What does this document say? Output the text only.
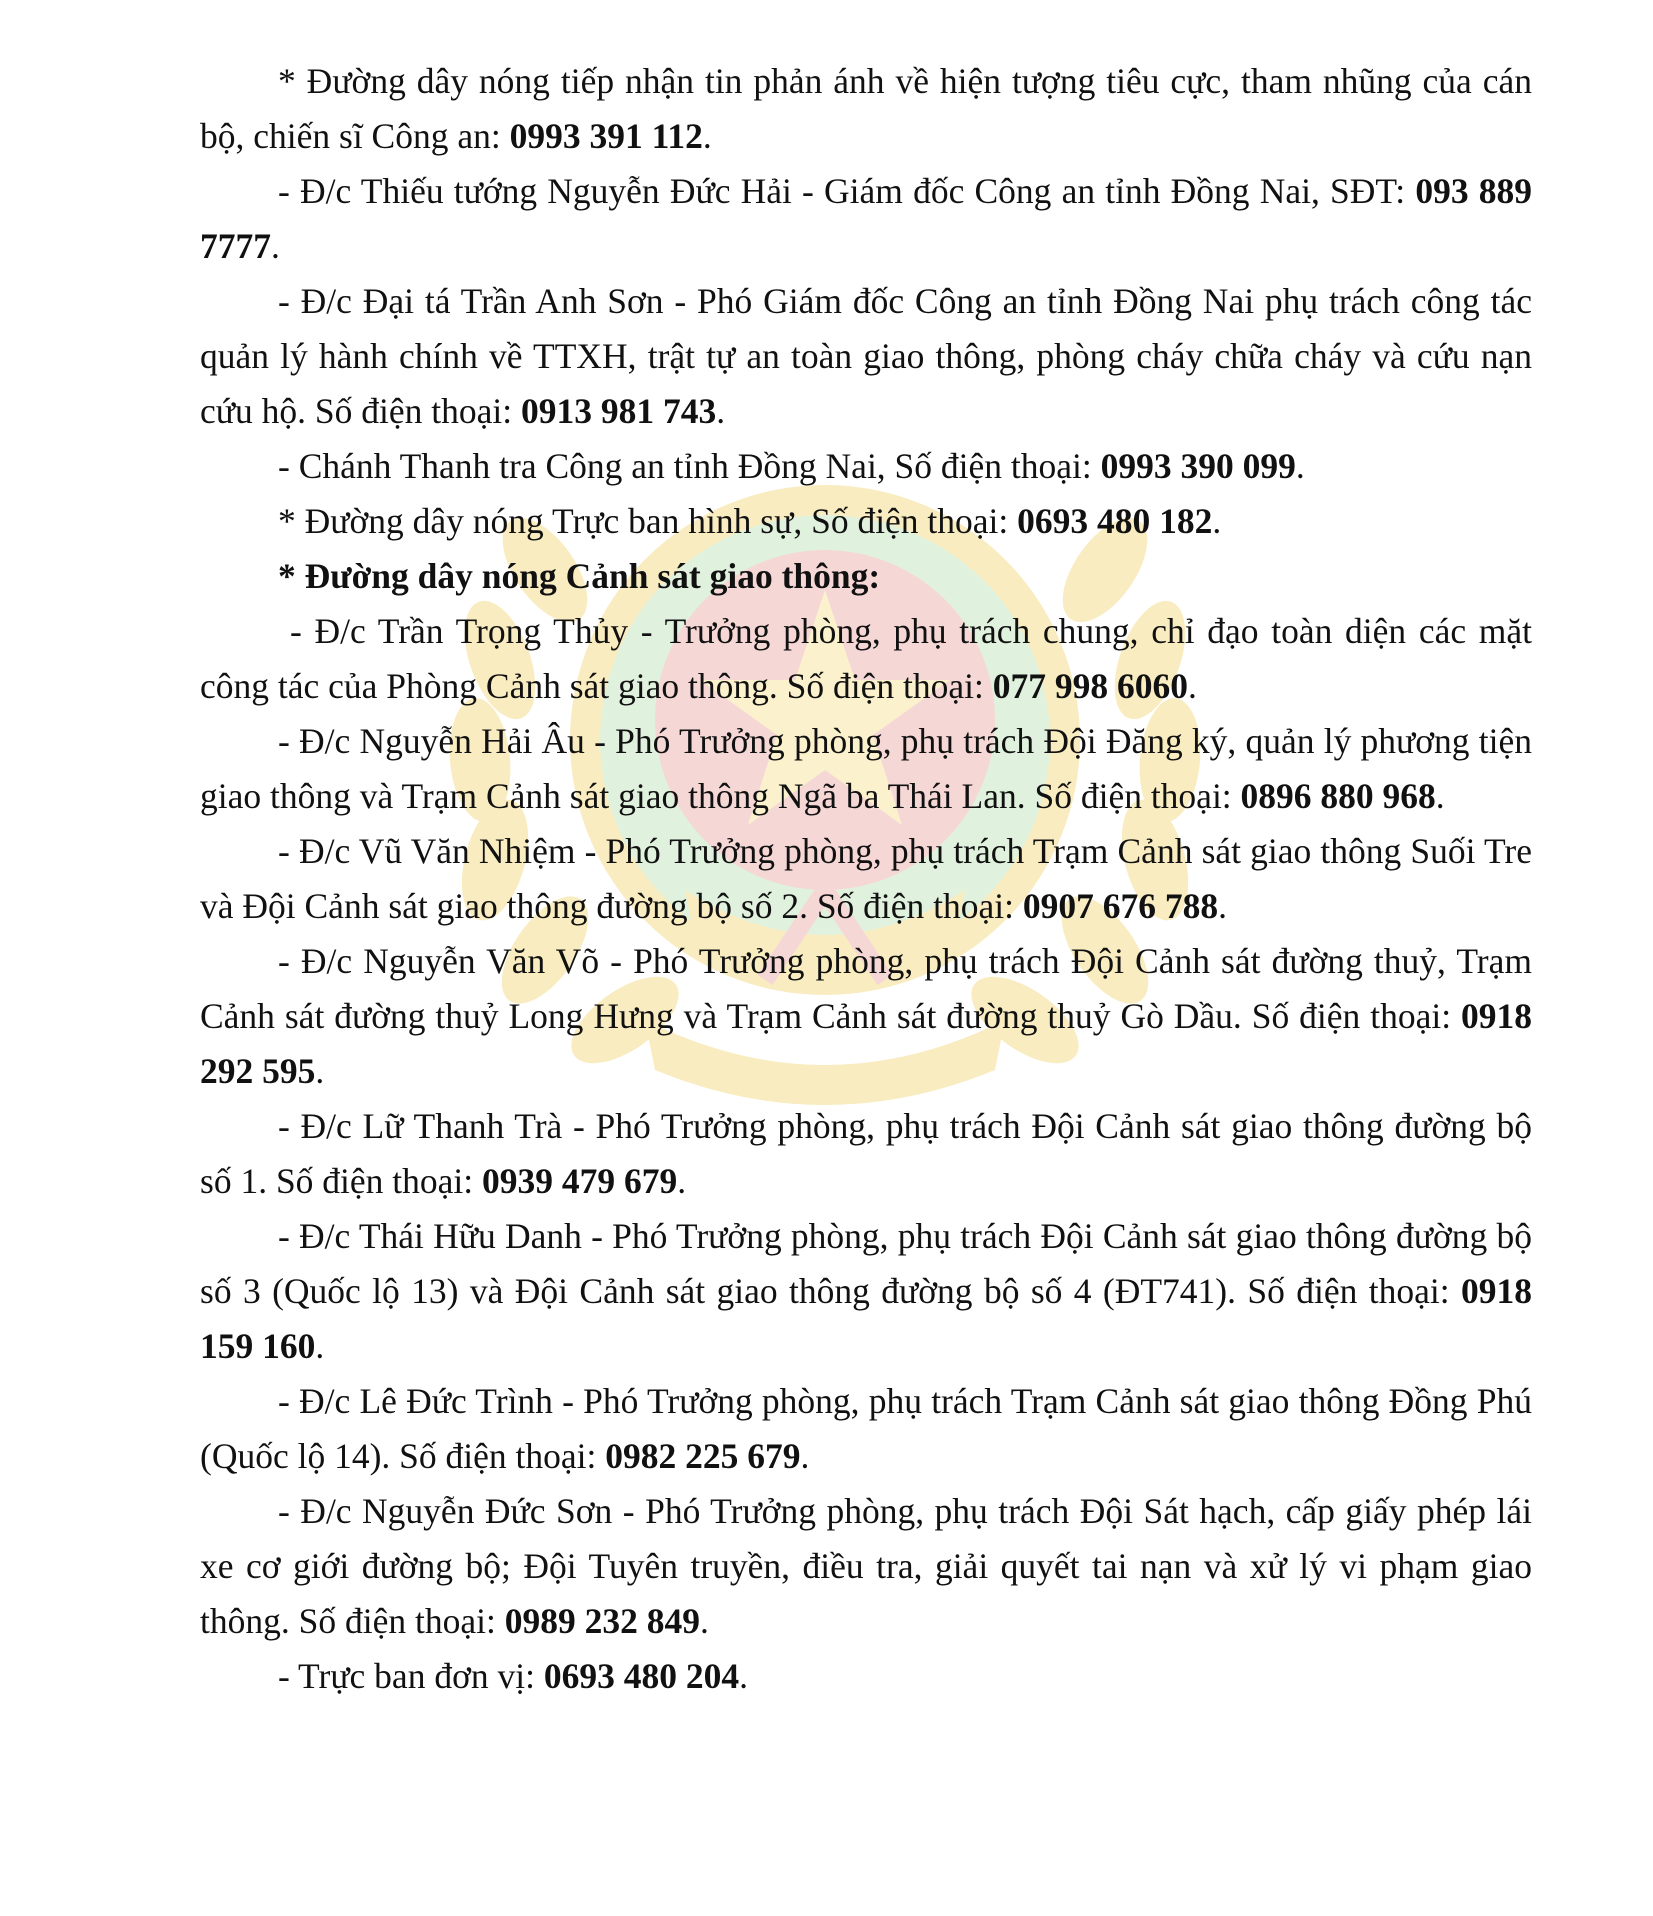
* Đường dây nóng tiếp nhận tin phản ánh về hiện tượng tiêu cực, tham nhũng của cán bộ, chiến sĩ Công an: 0993 391 112.

- Đ/c Thiếu tướng Nguyễn Đức Hải - Giám đốc Công an tỉnh Đồng Nai, SĐT: 093 889 7777.

- Đ/c Đại tá Trần Anh Sơn - Phó Giám đốc Công an tỉnh Đồng Nai phụ trách công tác quản lý hành chính về TTXH, trật tự an toàn giao thông, phòng cháy chữa cháy và cứu nạn cứu hộ. Số điện thoại: 0913 981 743.

- Chánh Thanh tra Công an tỉnh Đồng Nai, Số điện thoại: 0993 390 099.

* Đường dây nóng Trực ban hình sự, Số điện thoại: 0693 480 182.

* Đường dây nóng Cảnh sát giao thông:

- Đ/c Trần Trọng Thủy - Trưởng phòng, phụ trách chung, chỉ đạo toàn diện các mặt công tác của Phòng Cảnh sát giao thông. Số điện thoại: 077 998 6060.

- Đ/c Nguyễn Hải Âu - Phó Trưởng phòng, phụ trách Đội Đăng ký, quản lý phương tiện giao thông và Trạm Cảnh sát giao thông Ngã ba Thái Lan. Số điện thoại: 0896 880 968.

- Đ/c Vũ Văn Nhiệm - Phó Trưởng phòng, phụ trách Trạm Cảnh sát giao thông Suối Tre và Đội Cảnh sát giao thông đường bộ số 2. Số điện thoại: 0907 676 788.

- Đ/c Nguyễn Văn Võ - Phó Trưởng phòng, phụ trách Đội Cảnh sát đường thuỷ, Trạm Cảnh sát đường thuỷ Long Hưng và Trạm Cảnh sát đường thuỷ Gò Dầu. Số điện thoại: 0918 292 595.

- Đ/c Lữ Thanh Trà - Phó Trưởng phòng, phụ trách Đội Cảnh sát giao thông đường bộ số 1. Số điện thoại: 0939 479 679.

- Đ/c Thái Hữu Danh - Phó Trưởng phòng, phụ trách Đội Cảnh sát giao thông đường bộ số 3 (Quốc lộ 13) và Đội Cảnh sát giao thông đường bộ số 4 (ĐT741). Số điện thoại: 0918 159 160.

- Đ/c Lê Đức Trình - Phó Trưởng phòng, phụ trách Trạm Cảnh sát giao thông Đồng Phú (Quốc lộ 14). Số điện thoại: 0982 225 679.

- Đ/c Nguyễn Đức Sơn - Phó Trưởng phòng, phụ trách Đội Sát hạch, cấp giấy phép lái xe cơ giới đường bộ; Đội Tuyên truyền, điều tra, giải quyết tai nạn và xử lý vi phạm giao thông. Số điện thoại: 0989 232 849.

- Trực ban đơn vị: 0693 480 204.
